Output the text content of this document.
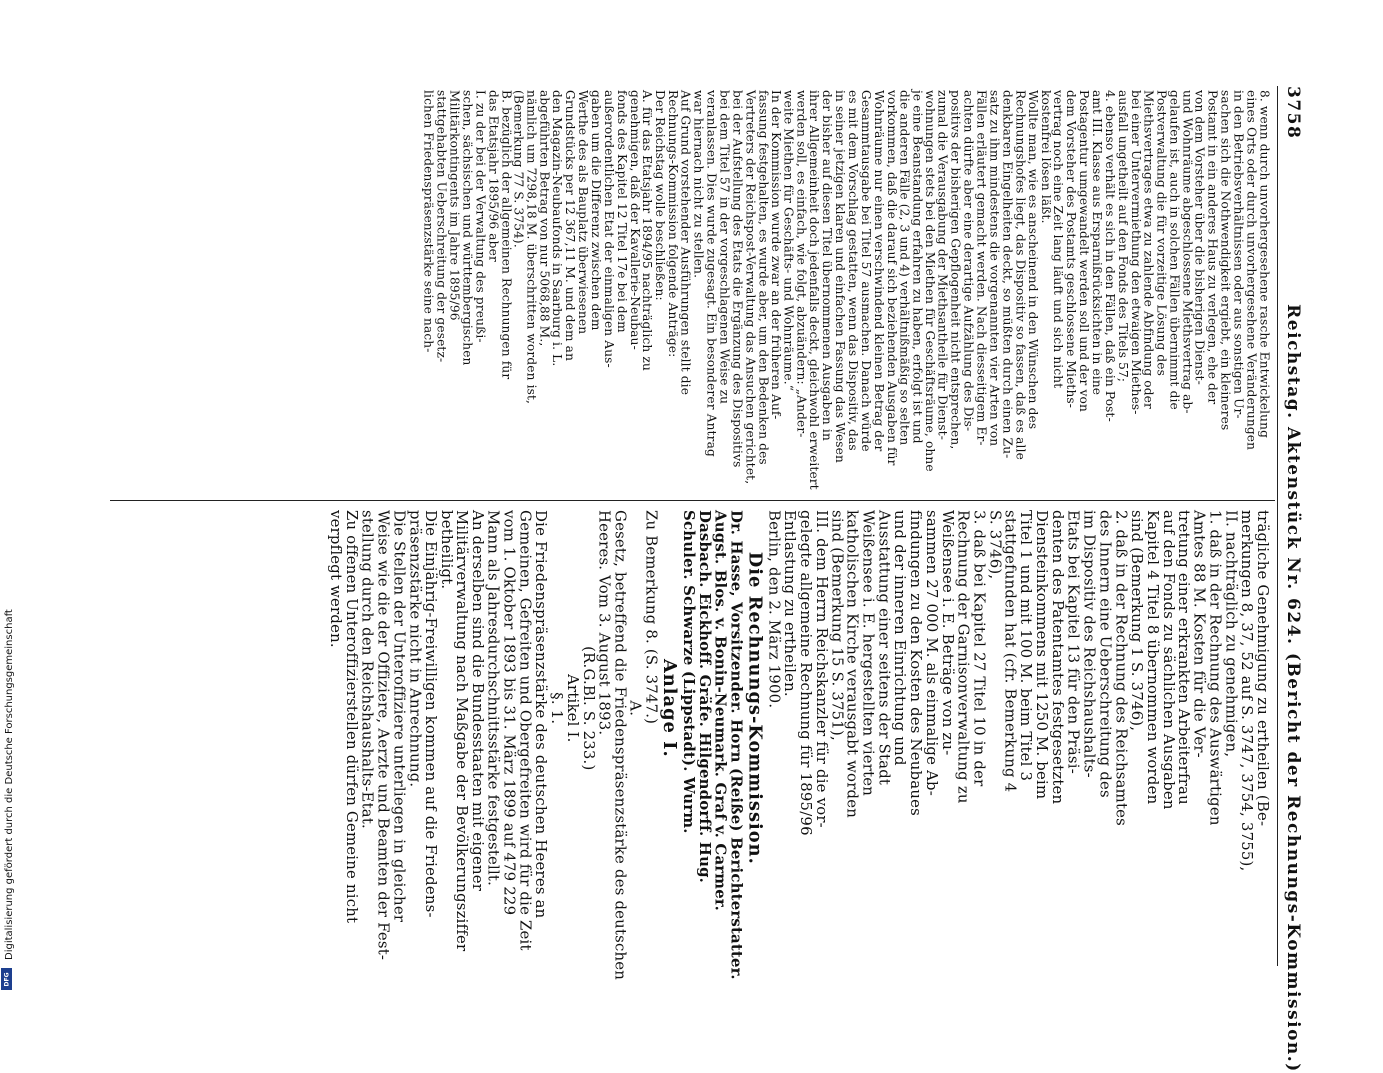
3758  Reichstag. Aktenstück Nr. 624. (Bericht der Rechnungs-Kommission.)
8. wenn durch unvorhergesehene rasche Entwickelung
eines Orts oder durch unvorhergesehene Veränderungen
in den Betriebsverhältnissen oder aus sonstigen Ur-
sachen sich die Nothwendigkeit ergiebt, ein kleineres
Postamt in ein anderes Haus zu verlegen, ehe der
von dem Vorsteher über die bisherigen Dienst-
und Wohnräume abgeschlossene Miethsvertrag ab-
gelaufen ist, auch in solchen Fällen übernimmt die
Postverwaltung die für vorzeitige Lösung des
Miethsvertrages etwa zu zahlende Abfindung oder
bei einer Untervermiethung den etwaigen Miethes-
ausfall ungetheilt auf den Fonds des Titels 57;
4. ebenso verhält es sich in den Fällen, daß ein Post-
amt III. Klasse aus Ersparnißrücksichten in eine
Postagentur umgewandelt werden soll und der von
dem Vorsteher des Postamts geschlossene Mieths-
vertrag noch eine Zeit lang läuft und sich nicht
kostenfrei lösen läßt.
Wollte man, wie es anscheinend in den Wünschen des
Rechnungshofes liegt, das Dispositiv so fassen, daß es alle
denkbaren Eingelheiten deckt, so müßten durch einen Zu-
satz zu ihm mindestens die vorgenannten vier Arten von
Fällen erläutert gemacht werden. Nach diesseitigem Er-
achten dürfte aber eine derartige Aufzählung des Dis-
positivs der bisherigen Gepflogenheit nicht entsprechen,
zumal die Verausgabung der Miethsantheile für Dienst-
wohnungen stets bei den Miethen für Geschäftsräume, ohne
je eine Beanstandung erfahren zu haben, erfolgt ist und
die anderen Fälle (2, 3 und 4) verhältnißmäßig so selten
vorkommen, daß die darauf sich beziehenden Ausgaben für
Wohnräume nur einen verschwindend kleinen Betrag der
Gesammtausgabe bei Titel 57 ausmachen. Danach würde
es mit dem Vorschlag gestatten, wenn das Dispositiv, das
in seiner jetzigen klaren und einfachen Fassung das Wesen
der bisher auf diesen Titel übernommenen Ausgaben in
ihrer Allgemeinheit doch jedenfalls deckt, gleichwohl erweitert
werden soll, es einfach, wie folgt, abzuändern: „Ander-
weite Miethen für Geschäfts- und Wohnräume.“
In der Kommission wurde zwar an der früheren Auf-
fassung festgehalten, es wurde aber, um den Bedenken des
Vertreters der Reichspost-Verwaltung das Ansuchen gerichtet,
bei der Aufstellung des Etats die Ergänzung des Dispositivs
bei dem Titel 57 in der vorgeschlagenen Weise zu
veranlassen. Dies wurde zugesagt. Ein besonderer Antrag
war hiernach nicht zu stellen.
Auf Grund vorstehender Ausführungen stellt die
Rechnungs-Kommission folgende Anträge:
Der Reichstag wolle beschließen:
A. für das Etatsjahr 1894/95 nachträglich zu
genehmigen, daß der Kavallerie-Neubau-
fonds des Kapitel 12 Titel 17e bei dem
außerordentlichen Etat der einmaligen Aus-
gaben um die Differenz zwischen dem
Werthe des als Bauplatz überwiesenen
Grundstücks per 12 367,11 M. und dem an
den Magazin-Neubaufonds in Saarburg i. L.
abgeführten Betrag von nur 5068,88 M.,
nämlich um 7298,18 M. überschritten worden ist,
(Bemerkung 77 S. 3754).
B. bezüglich der allgemeinen Rechnungen für
das Etatsjahr 1895/96 aber
I. zu der bei der Verwaltung des preußi-
schen, sächsischen und württembergischen
Militärkontingents im Jahre 1895/96
stattgehabten Ueberschreitung der gesetz-
lichen Friedenspräsenzstärke seine nach-
trägliche Genehmigung zu ertheilen (Be-
merkungen 8, 37, 52 auf S. 3747, 3754, 3755),
II. nachträglich zu genehmigen,
1. daß in der Rechnung des Auswärtigen
Amtes 88 M. Kosten für die Ver-
tretung einer erkrankten Arbeiterfrau
auf den Fonds zu sächlichen Ausgaben
Kapitel 4 Titel 8 übernommen worden
sind (Bemerkung 1 S. 3746),
2. daß in der Rechnung des Reichsamtes
des Innern eine Ueberschreitung des
im Dispositiv des Reichshaushalts-
Etats bei Kapitel 13 für den Präsi-
denten des Patentamtes festgesetzten
Diensteinkommens mit 1250 M. beim
Titel 1 und mit 100 M. beim Titel 3
stattgefunden hat (cfr. Bemerkung 4
S. 3746),
3. daß bei Kapitel 27 Titel 10 in der
Rechnung der Garnisonverwaltung zu
Weißensee i. E. Beträge von zu-
sammen 27 000 M. als einmalige Ab-
findungen zu den Kosten des Neubaues
und der inneren Einrichtung und
Ausstattung einer seitens der Stadt
Weißensee i. E. hergestellten vierten
katholischen Kirche verausgabt worden
sind (Bemerkung 15 S. 3751),
III. dem Herrn Reichskanzler für die vor-
gelegte allgemeine Rechnung für 1895/96
Entlastung zu ertheilen.
Berlin, den 2. März 1900.
Die Rechnungs-Kommission.
Dr. Hasse, Vorsitzender. Horn (Reiße) Berichterstatter.
Augst. Blos. v. Bonin-Neumark. Graf v. Carmer.
Dasbach. Eickhoff. Gräfe. Hilgendorff. Hug.
Schuler. Schwarze (Lippstadt). Wurm.
Anlage I.
Zu Bemerkung 8. (S. 3747.)
A.
Gesetz, betreffend die Friedenspräsenzstärke des deutschen
Heeres. Vom 3. August 1893.
(R.G.Bl. S. 233.)
Artikel I.
§. 1.
Die Friedenspräsenzstärke des deutschen Heeres an
Gemeinen, Gefreiten und Obergefreiten wird für die Zeit
vom 1. Oktober 1893 bis 31. März 1899 auf 479 229
Mann als Jahresdurchschnittsstärke festgestellt.
An derselben sind die Bundesstaaten mit eigener
Militärverwaltung nach Maßgabe der Bevölkerungsziffer
betheiligt.
Die Einjährig-Freiwilligen kommen auf die Friedens-
präsenzstärke nicht in Anrechnung.
Die Stellen der Unteroffiziere unterliegen in gleicher
Weise wie die der Offiziere, Aerzte und Beamten der Fest-
stellung durch den Reichshaushalts-Etat.
Zu offenen Unteroffizierstellen dürfen Gemeine nicht
verpflegt werden.
Digitalisierung gefördert durch die Deutsche Forschungsgemeinschaft
DFG
